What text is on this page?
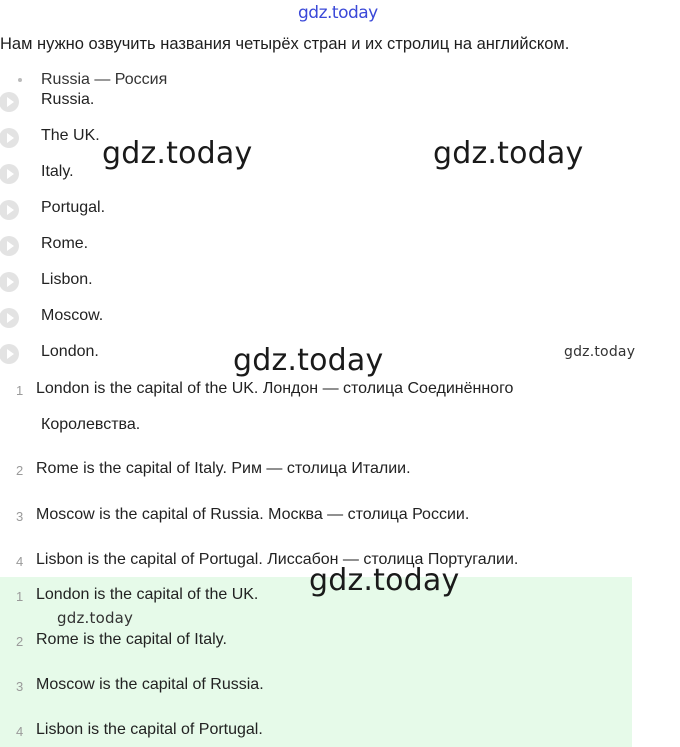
gdz.today
Нам нужно озвучить названия четырёх стран и их стролиц на английском.
Russia — Россия
Russia.
The UK.
Italy.
Portugal.
Rome.
Lisbon.
Moscow.
London.
1 London is the capital of the UK. Лондон — столица Соединённого
Королевства.
2 Rome is the capital of Italy. Рим — столица Италии.
3 Moscow is the capital of Russia. Москва — столица России.
4 Lisbon is the capital of Portugal. Лиссабон — столица Португалии.
1 London is the capital of the UK.
2 Rome is the capital of Italy.
3 Moscow is the capital of Russia.
4 Lisbon is the capital of Portugal.
gdz.today	gdz.today
gdz.today	gdz.today
gdz.today
gdz.today
